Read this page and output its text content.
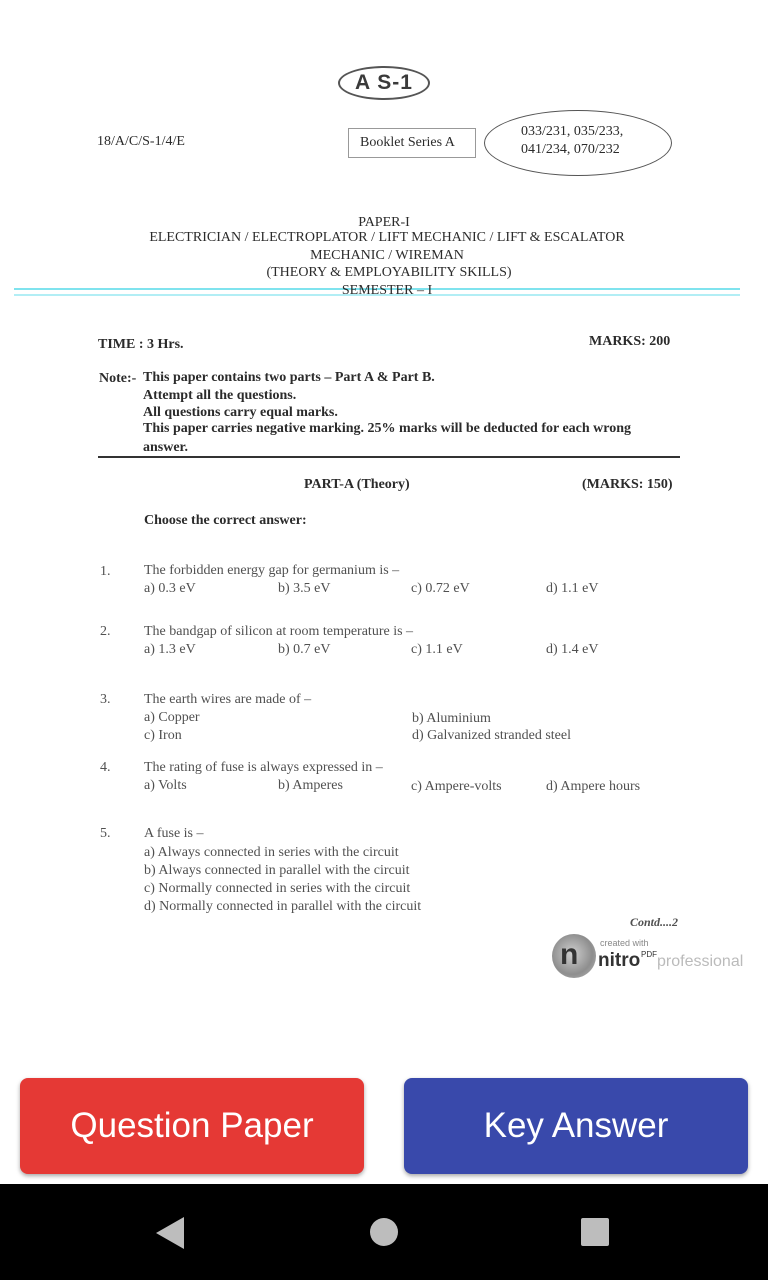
A S-1
18/A/C/S-1/4/E	Booklet Series A
033/231, 035/233,
041/234, 070/232
PAPER-I
ELECTRICIAN / ELECTROPLATOR / LIFT MECHANIC / LIFT & ESCALATOR
MECHANIC / WIREMAN
(THEORY & EMPLOYABILITY SKILLS)
SEMESTER – I
TIME : 3 Hrs.	MARKS: 200
Note:- This paper contains two parts – Part A & Part B.
Attempt all the questions.
All questions carry equal marks.
This paper carries negative marking. 25% marks will be deducted for each wrong
answer.
PART-A (Theory)	(MARKS: 150)
Choose the correct answer:
1. The forbidden energy gap for germanium is –
a) 0.3 eV	b) 3.5 eV	c) 0.72 eV	d) 1.1 eV
2. The bandgap of silicon at room temperature is –
a) 1.3 eV	b) 0.7 eV	c) 1.1 eV	d) 1.4 eV
3. The earth wires are made of –
a) Copper	b) Aluminium
c) Iron	d) Galvanized stranded steel
4. The rating of fuse is always expressed in –
a) Volts	b) Amperes	c) Ampere-volts	d) Ampere hours
5. A fuse is –
a) Always connected in series with the circuit
b) Always connected in parallel with the circuit
c) Normally connected in series with the circuit
d) Normally connected in parallel with the circuit
Contd....2
n created with
nitro PDF professional
Question Paper	Key Answer
